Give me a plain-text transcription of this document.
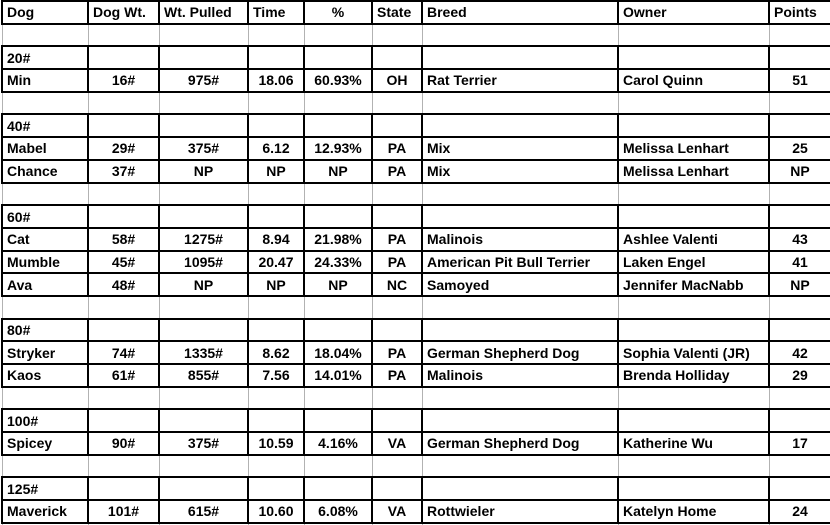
Dog	Dog Wt.	Wt. Pulled	Time	%	State	Breed	Owner	Points

20#								
Min	16#	975#	18.06	60.93%	OH	Rat Terrier	Carol Quinn	51

40#								
Mabel	29#	375#	6.12	12.93%	PA	Mix	Melissa Lenhart	25
Chance	37#	NP	NP	NP	PA	Mix	Melissa Lenhart	NP

60#								
Cat	58#	1275#	8.94	21.98%	PA	Malinois	Ashlee Valenti	43
Mumble	45#	1095#	20.47	24.33%	PA	American Pit Bull Terrier	Laken Engel	41
Ava	48#	NP	NP	NP	NC	Samoyed	Jennifer MacNabb	NP

80#								
Stryker	74#	1335#	8.62	18.04%	PA	German Shepherd Dog	Sophia Valenti (JR)	42
Kaos	61#	855#	7.56	14.01%	PA	Malinois	Brenda Holliday	29

100#								
Spicey	90#	375#	10.59	4.16%	VA	German Shepherd Dog	Katherine Wu	17

125#								
Maverick	101#	615#	10.60	6.08%	VA	Rottwieler	Katelyn Home	24
